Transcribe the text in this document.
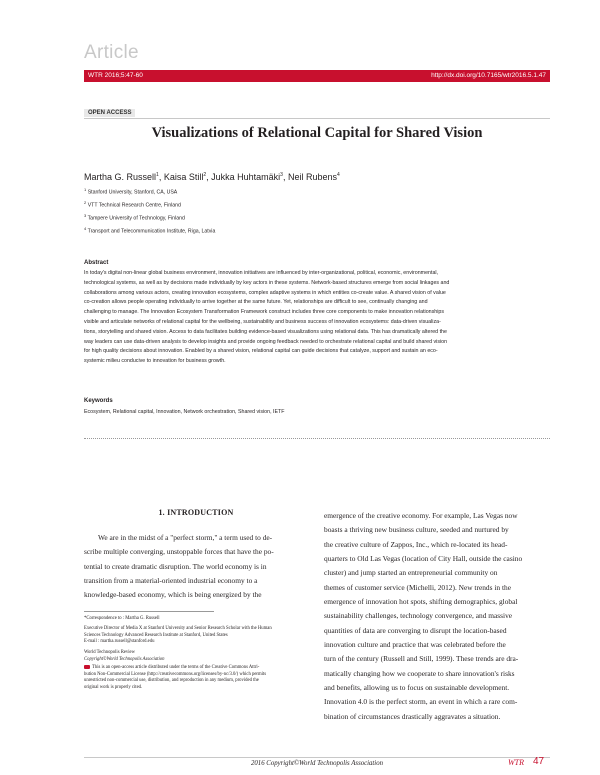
Article
WTR 2016;5:47-60	http://dx.doi.org/10.7165/wtr2016.5.1.47
OPEN ACCESS
Visualizations of Relational Capital for Shared Vision
Martha G. Russell$^1$, Kaisa Still$^2$, Jukka Huhtamäki$^3$, Neil Rubens$^4$
$^1$ Stanford University, Stanford, CA, USA
$^2$ VTT Technical Research Centre, Finland
$^3$ Tampere University of Technology, Finland
$^4$ Transport and Telecommunication Institute, Riga, Latvia
Abstract
In today's digital non-linear global business environment, innovation initiatives are influenced by inter-organizational, political, economic, environmental,
technological systems, as well as by decisions made individually by key actors in these systems. Network-based structures emerge from social linkages and
collaborations among various actors, creating innovation ecosystems, complex adaptive systems in which entities co-create value. A shared vision of value
co-creation allows people operating individually to arrive together at the same future. Yet, relationships are difficult to see, continually changing and
challenging to manage. The Innovation Ecosystem Transformation Framework construct includes three core components to make innovation relationships
visible and articulate networks of relational capital for the wellbeing, sustainability and business success of innovation ecosystems: data-driven visualiza-
tions, storytelling and shared vision. Access to data facilitates building evidence-based visualizations using relational data. This has dramatically altered the
way leaders can use data-driven analysis to develop insights and provide ongoing feedback needed to orchestrate relational capital and build shared vision
for high quality decisions about innovation. Enabled by a shared vision, relational capital can guide decisions that catalyze, support and sustain an eco-
systemic milieu conducive to innovation for business growth.
Keywords
Ecosystem, Relational capital, Innovation, Network orchestration, Shared vision, IETF
1. INTRODUCTION
We are in the midst of a "perfect storm," a term used to de-
scribe multiple converging, unstoppable forces that have the po-
tential to create dramatic disruption. The world economy is in
transition from a material-oriented industrial economy to a
knowledge-based economy, which is being energized by the
emergence of the creative economy. For example, Las Vegas now
boasts a thriving new business culture, seeded and nurtured by
the creative culture of Zappos, Inc., which re-located its head-
quarters to Old Las Vegas (location of City Hall, outside the casino
cluster) and jump started an entrepreneurial community on
themes of customer service (Michelli, 2012). New trends in the
emergence of innovation hot spots, shifting demographics, global
sustainability challenges, technology convergence, and massive
quantities of data are converging to disrupt the location-based
innovation culture and practice that was celebrated before the
turn of the century (Russell and Still, 1999). These trends are dra-
matically changing how we cooperate to share innovation's risks
and benefits, allowing us to focus on sustainable development.
Innovation 4.0 is the perfect storm, an event in which a rare com-
bination of circumstances drastically aggravates a situation.
*Correspondence to : Martha G. Russell
Executive Director of Media X at Stanford University and Senior Research Scholar with the Human
Sciences Technology Advanced Research Institute at Stanford, United States
E-mail : martha.russell@stanford.edu
World Technopolis Review
Copyright©World Technopolis Association
This is an open-access article distributed under the terms of the Creative Commons Attri-
bution Non-Commercial License (http://creativecommons.org/licenses/by-nc/3.0/) which permits
unrestricted non-commercial use, distribution, and reproduction in any medium, provided the
original work is properly cited.
2016 Copyright©World Technopolis Association	WTR 47
